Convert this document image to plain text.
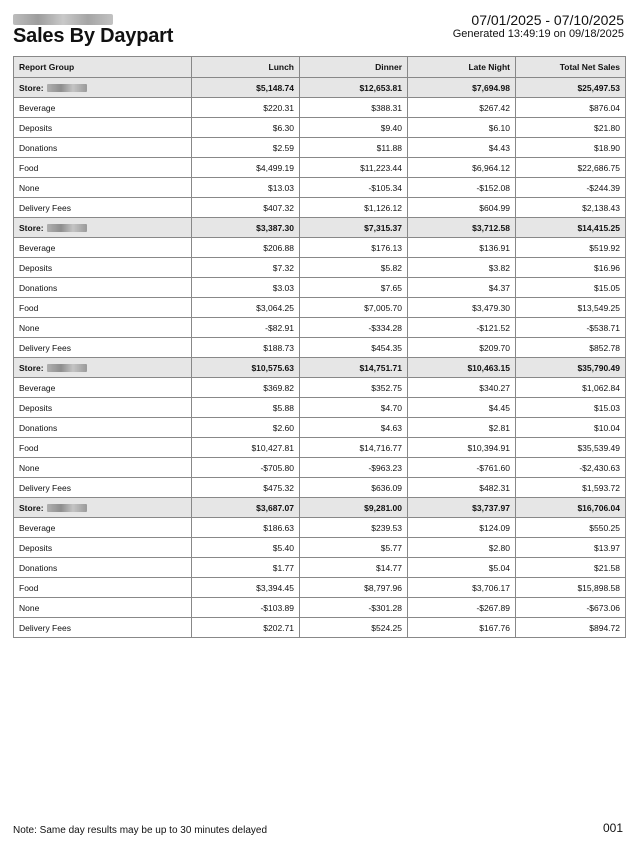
Sales By Daypart
07/01/2025 - 07/10/2025
Generated 13:49:19 on 09/18/2025
Report Group	Lunch	Dinner	Late Night	Total Net Sales
Store:	$5,148.74	$12,653.81	$7,694.98	$25,497.53
Beverage	$220.31	$388.31	$267.42	$876.04
Deposits	$6.30	$9.40	$6.10	$21.80
Donations	$2.59	$11.88	$4.43	$18.90
Food	$4,499.19	$11,223.44	$6,964.12	$22,686.75
None	$13.03	-$105.34	-$152.08	-$244.39
Delivery Fees	$407.32	$1,126.12	$604.99	$2,138.43
Store:	$3,387.30	$7,315.37	$3,712.58	$14,415.25
Beverage	$206.88	$176.13	$136.91	$519.92
Deposits	$7.32	$5.82	$3.82	$16.96
Donations	$3.03	$7.65	$4.37	$15.05
Food	$3,064.25	$7,005.70	$3,479.30	$13,549.25
None	-$82.91	-$334.28	-$121.52	-$538.71
Delivery Fees	$188.73	$454.35	$209.70	$852.78
Store:	$10,575.63	$14,751.71	$10,463.15	$35,790.49
Beverage	$369.82	$352.75	$340.27	$1,062.84
Deposits	$5.88	$4.70	$4.45	$15.03
Donations	$2.60	$4.63	$2.81	$10.04
Food	$10,427.81	$14,716.77	$10,394.91	$35,539.49
None	-$705.80	-$963.23	-$761.60	-$2,430.63
Delivery Fees	$475.32	$636.09	$482.31	$1,593.72
Store:	$3,687.07	$9,281.00	$3,737.97	$16,706.04
Beverage	$186.63	$239.53	$124.09	$550.25
Deposits	$5.40	$5.77	$2.80	$13.97
Donations	$1.77	$14.77	$5.04	$21.58
Food	$3,394.45	$8,797.96	$3,706.17	$15,898.58
None	-$103.89	-$301.28	-$267.89	-$673.06
Delivery Fees	$202.71	$524.25	$167.76	$894.72
Note: Same day results may be up to 30 minutes delayed	001
